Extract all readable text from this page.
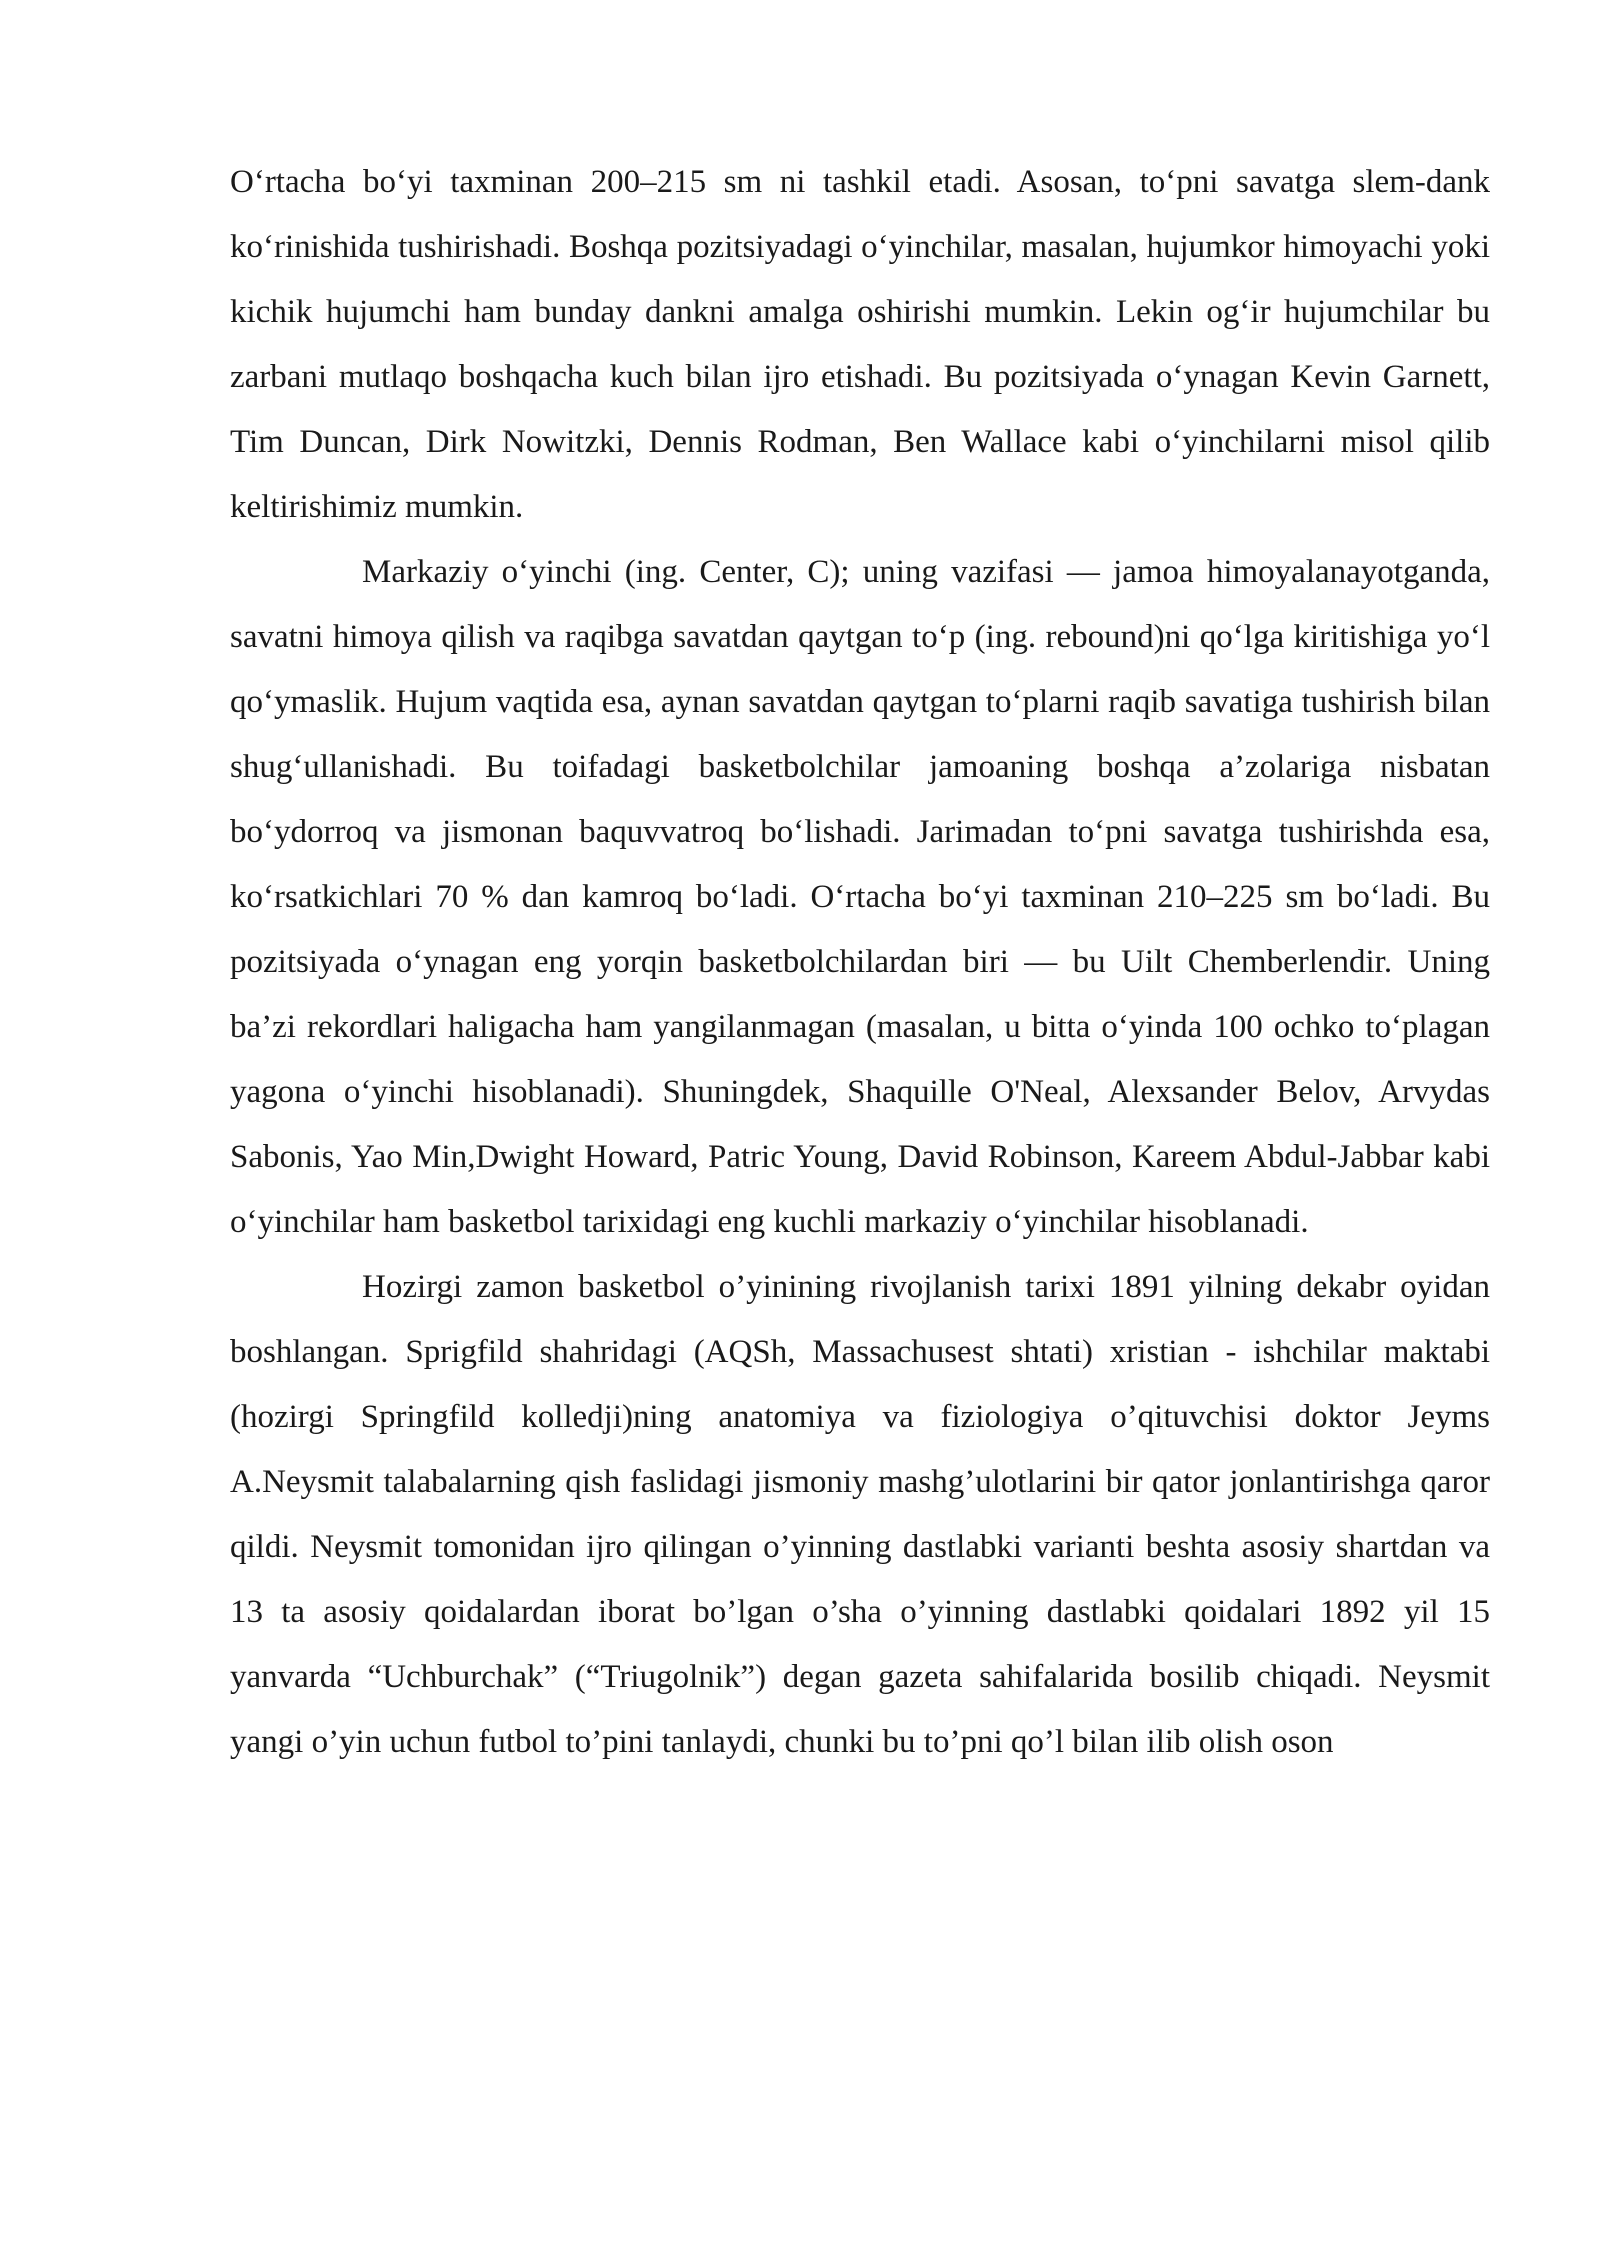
O‘rtacha bo‘yi taxminan 200–215 sm ni tashkil etadi. Asosan, to‘pni savatga slem-dank ko‘rinishida tushirishadi. Boshqa pozitsiyadagi o‘yinchilar, masalan, hujumkor himoyachi yoki kichik hujumchi ham bunday dankni amalga oshirishi mumkin. Lekin og‘ir hujumchilar bu zarbani mutlaqo boshqacha kuch bilan ijro etishadi. Bu pozitsiyada o‘ynagan Kevin Garnett, Tim Duncan, Dirk Nowitzki, Dennis Rodman, Ben Wallace kabi o‘yinchilarni misol qilib keltirishimiz mumkin.

Markaziy o‘yinchi (ing. Center, C); uning vazifasi — jamoa himoyalanayotganda, savatni himoya qilish va raqibga savatdan qaytgan to‘p (ing. rebound)ni qo‘lga kiritishiga yo‘l qo‘ymaslik. Hujum vaqtida esa, aynan savatdan qaytgan to‘plarni raqib savatiga tushirish bilan shug‘ullanishadi. Bu toifadagi basketbolchilar jamoaning boshqa a’zolariga nisbatan bo‘ydorroq va jismonan baquvvatroq bo‘lishadi. Jarimadan to‘pni savatga tushirishda esa, ko‘rsatkichlari 70 % dan kamroq bo‘ladi. O‘rtacha bo‘yi taxminan 210–225 sm bo‘ladi. Bu pozitsiyada o‘ynagan eng yorqin basketbolchilardan biri — bu Uilt Chemberlendir. Uning ba’zi rekordlari haligacha ham yangilanmagan (masalan, u bitta o‘yinda 100 ochko to‘plagan yagona o‘yinchi hisoblanadi). Shuningdek, Shaquille O'Neal, Alexsander Belov, Arvydas Sabonis, Yao Min,Dwight Howard, Patric Young, David Robinson, Kareem Abdul-Jabbar kabi o‘yinchilar ham basketbol tarixidagi eng kuchli markaziy o‘yinchilar hisoblanadi.

Hozirgi zamon basketbol o’yinining rivojlanish tarixi 1891 yilning dekabr oyidan boshlangan. Sprigfild shahridagi (AQSh, Massachusest shtati) xristian - ishchilar maktabi (hozirgi Springfild kolledji)ning anatomiya va fiziologiya o’qituvchisi doktor Jeyms A.Neysmit talabalarning qish faslidagi jismoniy mashg’ulotlarini bir qator jonlantirishga qaror qildi. Neysmit tomonidan ijro qilingan o’yinning dastlabki varianti beshta asosiy shartdan va 13 ta asosiy qoidalardan iborat bo’lgan o’sha o’yinning dastlabki qoidalari 1892 yil 15 yanvarda “Uchburchak” (“Triugolnik”) degan gazeta sahifalarida bosilib chiqadi. Neysmit yangi o’yin uchun futbol to’pini tanlaydi, chunki bu to’pni qo’l bilan ilib olish oson
